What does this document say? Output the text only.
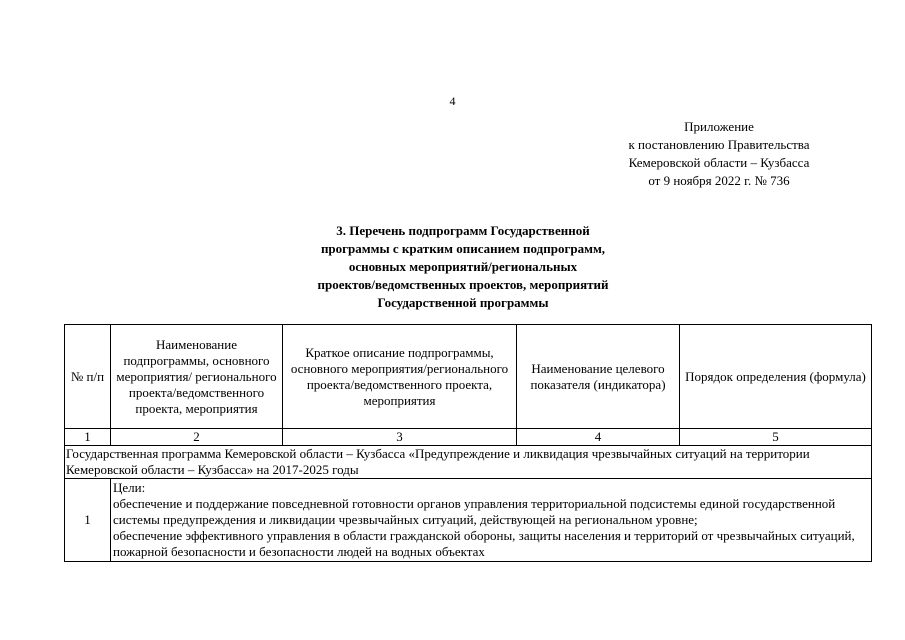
4
Приложение
к постановлению Правительства
Кемеровской области – Кузбасса
от 9 ноября 2022 г. № 736
3. Перечень подпрограмм Государственной
программы с кратким описанием подпрограмм,
основных мероприятий/региональных
проектов/ведомственных проектов, мероприятий
Государственной программы
№ п/п	Наименование подпрограммы, основного мероприятия/ регионального проекта/ведомственного проекта, мероприятия	Краткое описание подпрограммы, основного мероприятия/регионального проекта/ведомственного проекта, мероприятия	Наименование целевого показателя (индикатора)	Порядок определения (формула)
1	2	3	4	5
Государственная программа Кемеровской области – Кузбасса «Предупреждение и ликвидация чрезвычайных ситуаций на территории Кемеровской области – Кузбасса» на 2017-2025 годы				
1	Цели:
обеспечение и поддержание повседневной готовности органов управления территориальной подсистемы единой государственной системы предупреждения и ликвидации чрезвычайных ситуаций, действующей на региональном уровне;
обеспечение эффективного управления в области гражданской обороны, защиты населения и территорий от чрезвычайных ситуаций, пожарной безопасности и безопасности людей на водных объектах			
